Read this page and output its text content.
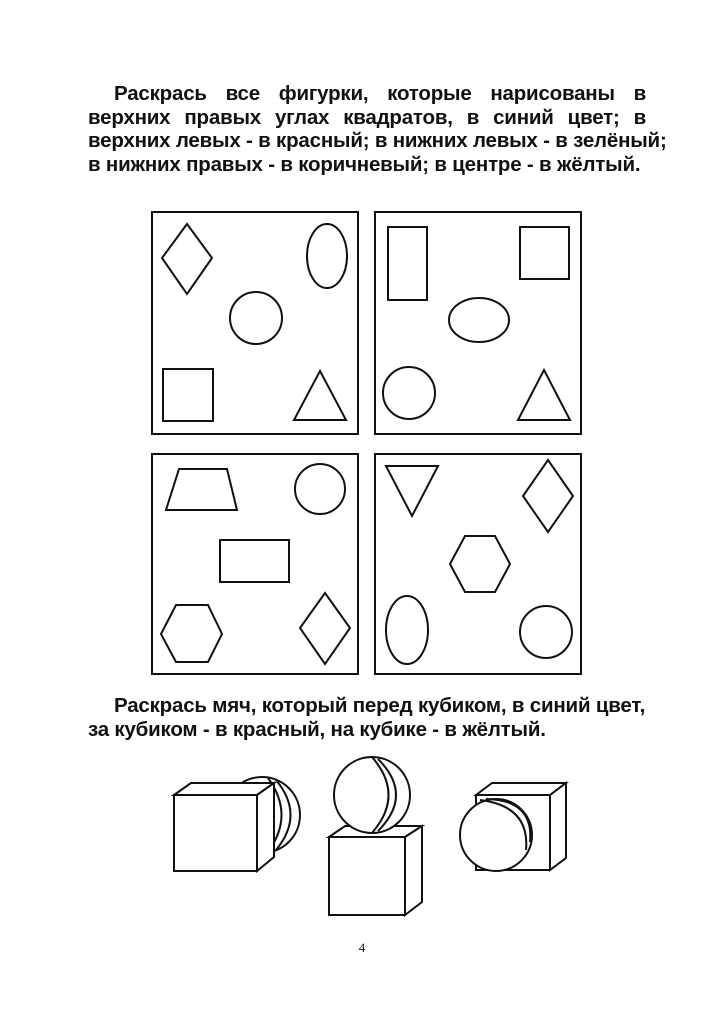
Раскрась все фигурки, которые нарисованы в
верхних правых углах квадратов, в синий цвет; в
верхних левых - в красный; в нижних левых - в зелёный;
в нижних правых - в коричневый; в центре - в жёлтый.
Раскрась мяч, который перед кубиком, в синий цвет,
за кубиком - в красный, на кубике - в жёлтый.
4
